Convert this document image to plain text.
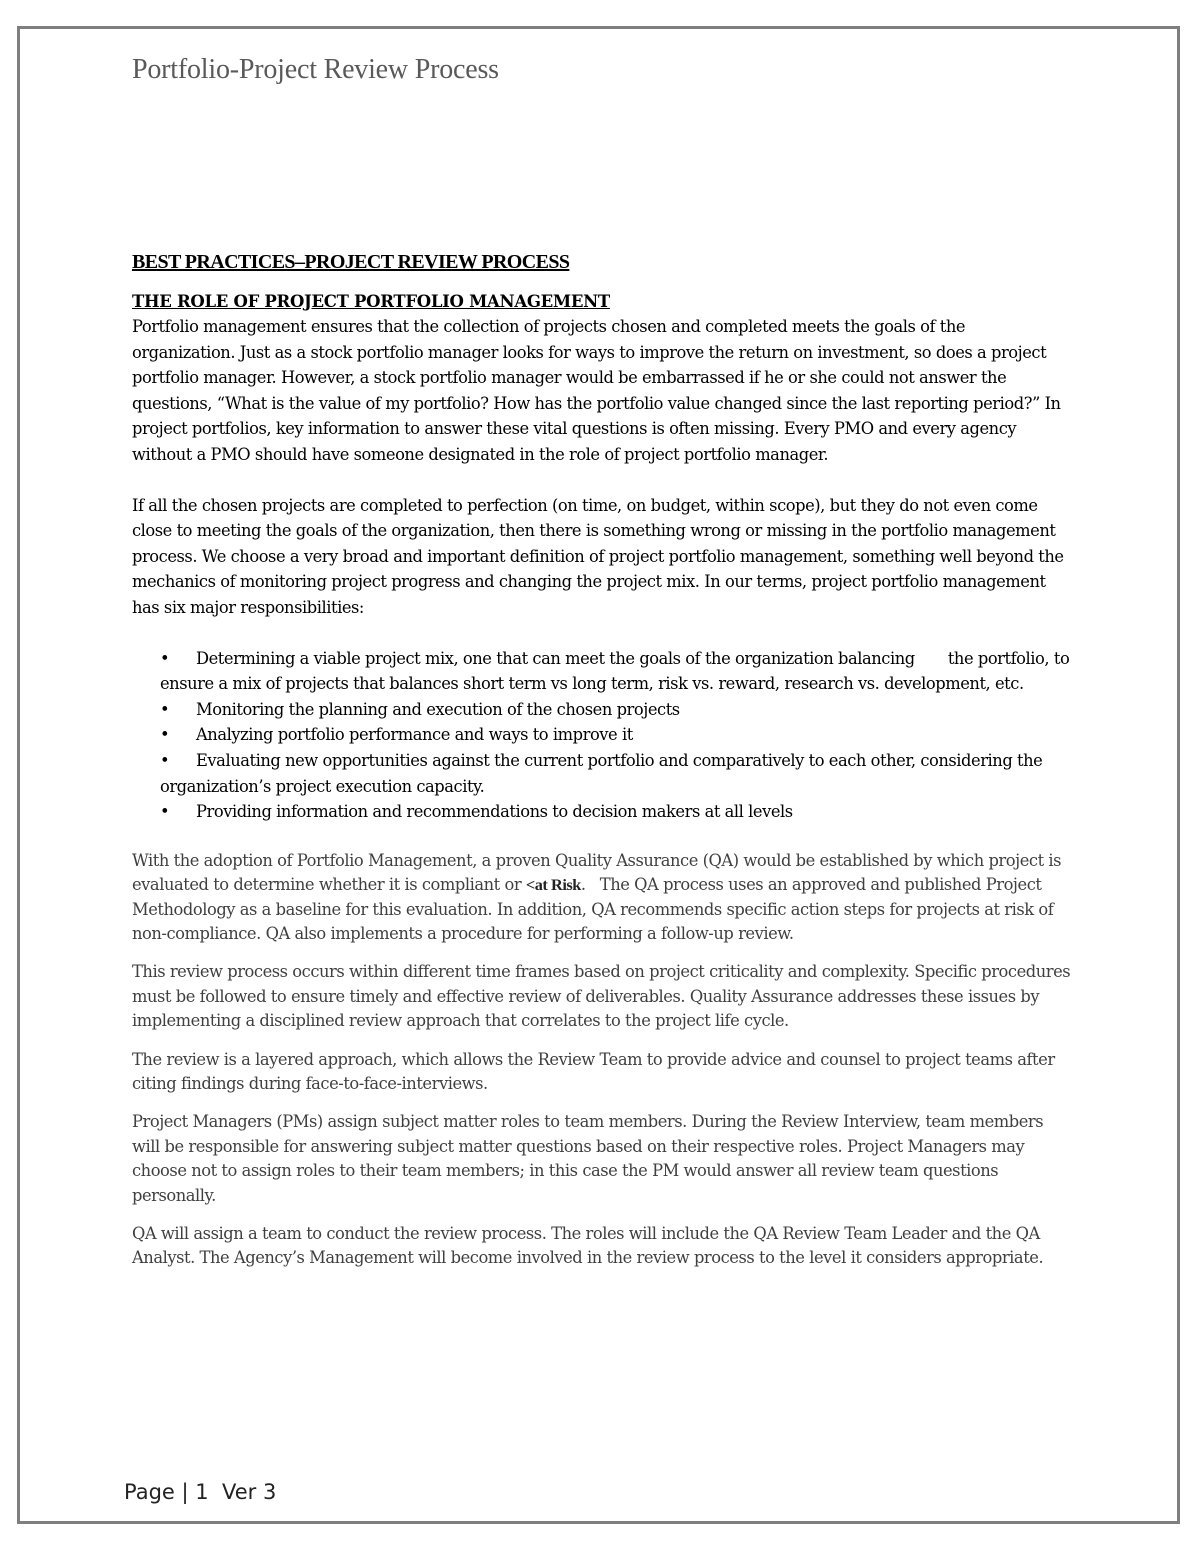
Portfolio-Project Review Process
BEST PRACTICES–PROJECT REVIEW PROCESS
THE ROLE OF PROJECT PORTFOLIO MANAGEMENT

Portfolio management ensures that the collection of projects chosen and completed meets the goals of the organization. Just as a stock portfolio manager looks for ways to improve the return on investment, so does a project portfolio manager. However, a stock portfolio manager would be embarrassed if he or she could not answer the questions, “What is the value of my portfolio? How has the portfolio value changed since the last reporting period?” In project portfolios, key information to answer these vital questions is often missing. Every PMO and every agency without a PMO should have someone designated in the role of project portfolio manager.

If all the chosen projects are completed to perfection (on time, on budget, within scope), but they do not even come close to meeting the goals of the organization, then there is something wrong or missing in the portfolio management process. We choose a very broad and important definition of project portfolio management, something well beyond the mechanics of monitoring project progress and changing the project mix. In our terms, project portfolio management has six major responsibilities:

•	Determining a viable project mix, one that can meet the goals of the organization balancing       the portfolio, to ensure a mix of projects that balances short term vs long term, risk vs. reward, research vs. development, etc.
•	Monitoring the planning and execution of the chosen projects
•	Analyzing portfolio performance and ways to improve it
•	Evaluating new opportunities against the current portfolio and comparatively to each other, considering the organization’s project execution capacity.
•	Providing information and recommendations to decision makers at all levels

With the adoption of Portfolio Management, a proven Quality Assurance (QA) would be established by which project is evaluated to determine whether it is compliant or <at Risk.   The QA process uses an approved and published Project Methodology as a baseline for this evaluation. In addition, QA recommends specific action steps for projects at risk of non-compliance. QA also implements a procedure for performing a follow-up review.

This review process occurs within different time frames based on project criticality and complexity. Specific procedures must be followed to ensure timely and effective review of deliverables. Quality Assurance addresses these issues by implementing a disciplined review approach that correlates to the project life cycle.

The review is a layered approach, which allows the Review Team to provide advice and counsel to project teams after citing findings during face-to-face-interviews.

Project Managers (PMs) assign subject matter roles to team members. During the Review Interview, team members will be responsible for answering subject matter questions based on their respective roles. Project Managers may choose not to assign roles to their team members; in this case the PM would answer all review team questions personally.

QA will assign a team to conduct the review process. The roles will include the QA Review Team Leader and the QA Analyst. The Agency’s Management will become involved in the review process to the level it considers appropriate.

Page | 1  Ver 3
